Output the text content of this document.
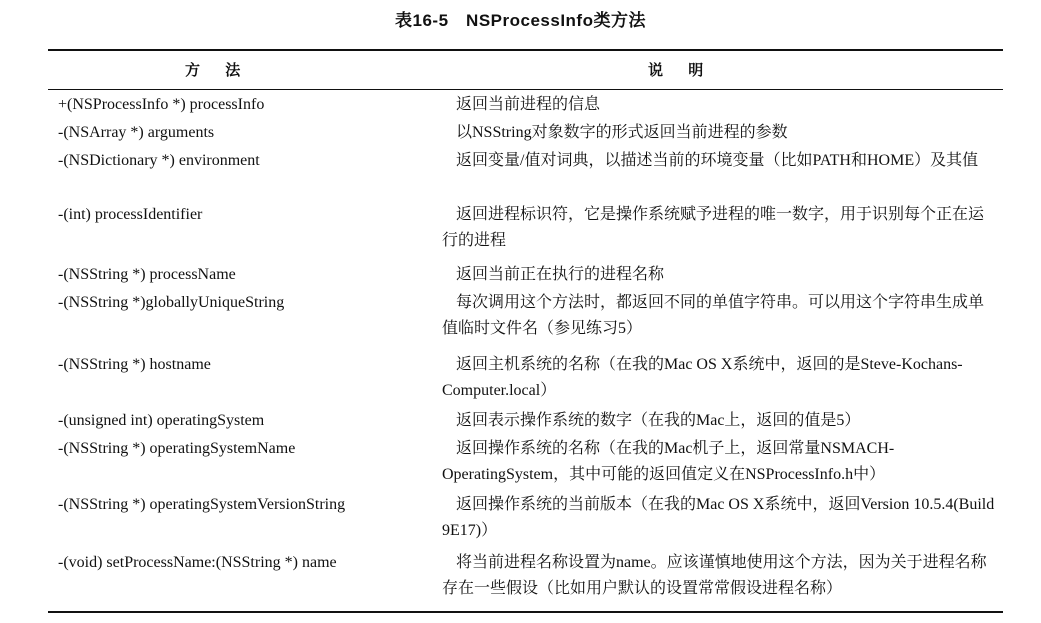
表16-5　NSProcessInfo类方法
方 法	说 明
+(NSProcessInfo *) processInfo	返回当前进程的信息
-(NSArray *) arguments	以NSString对象数字的形式返回当前进程的参数
-(NSDictionary *) environment	返回变量/值对词典，以描述当前的环境变量（比如PATH和HOME）及其值
-(int) processIdentifier	返回进程标识符，它是操作系统赋予进程的唯一数字，用于识别每个正在运行的进程
-(NSString *) processName	返回当前正在执行的进程名称
-(NSString *)globallyUniqueString	每次调用这个方法时，都返回不同的单值字符串。可以用这个字符串生成单值临时文件名（参见练习5）
-(NSString *) hostname	返回主机系统的名称（在我的Mac OS X系统中，返回的是Steve-Kochans-Computer.local）
-(unsigned int) operatingSystem	返回表示操作系统的数字（在我的Mac上，返回的值是5）
-(NSString *) operatingSystemName	返回操作系统的名称（在我的Mac机子上，返回常量NSMACH-OperatingSystem，其中可能的返回值定义在NSProcessInfo.h中）
-(NSString *) operatingSystemVersionString	返回操作系统的当前版本（在我的Mac OS X系统中，返回Version 10.5.4(Build 9E17)）
-(void) setProcessName:(NSString *) name	将当前进程名称设置为name。应该谨慎地使用这个方法，因为关于进程名称存在一些假设（比如用户默认的设置常常假设进程名称）
